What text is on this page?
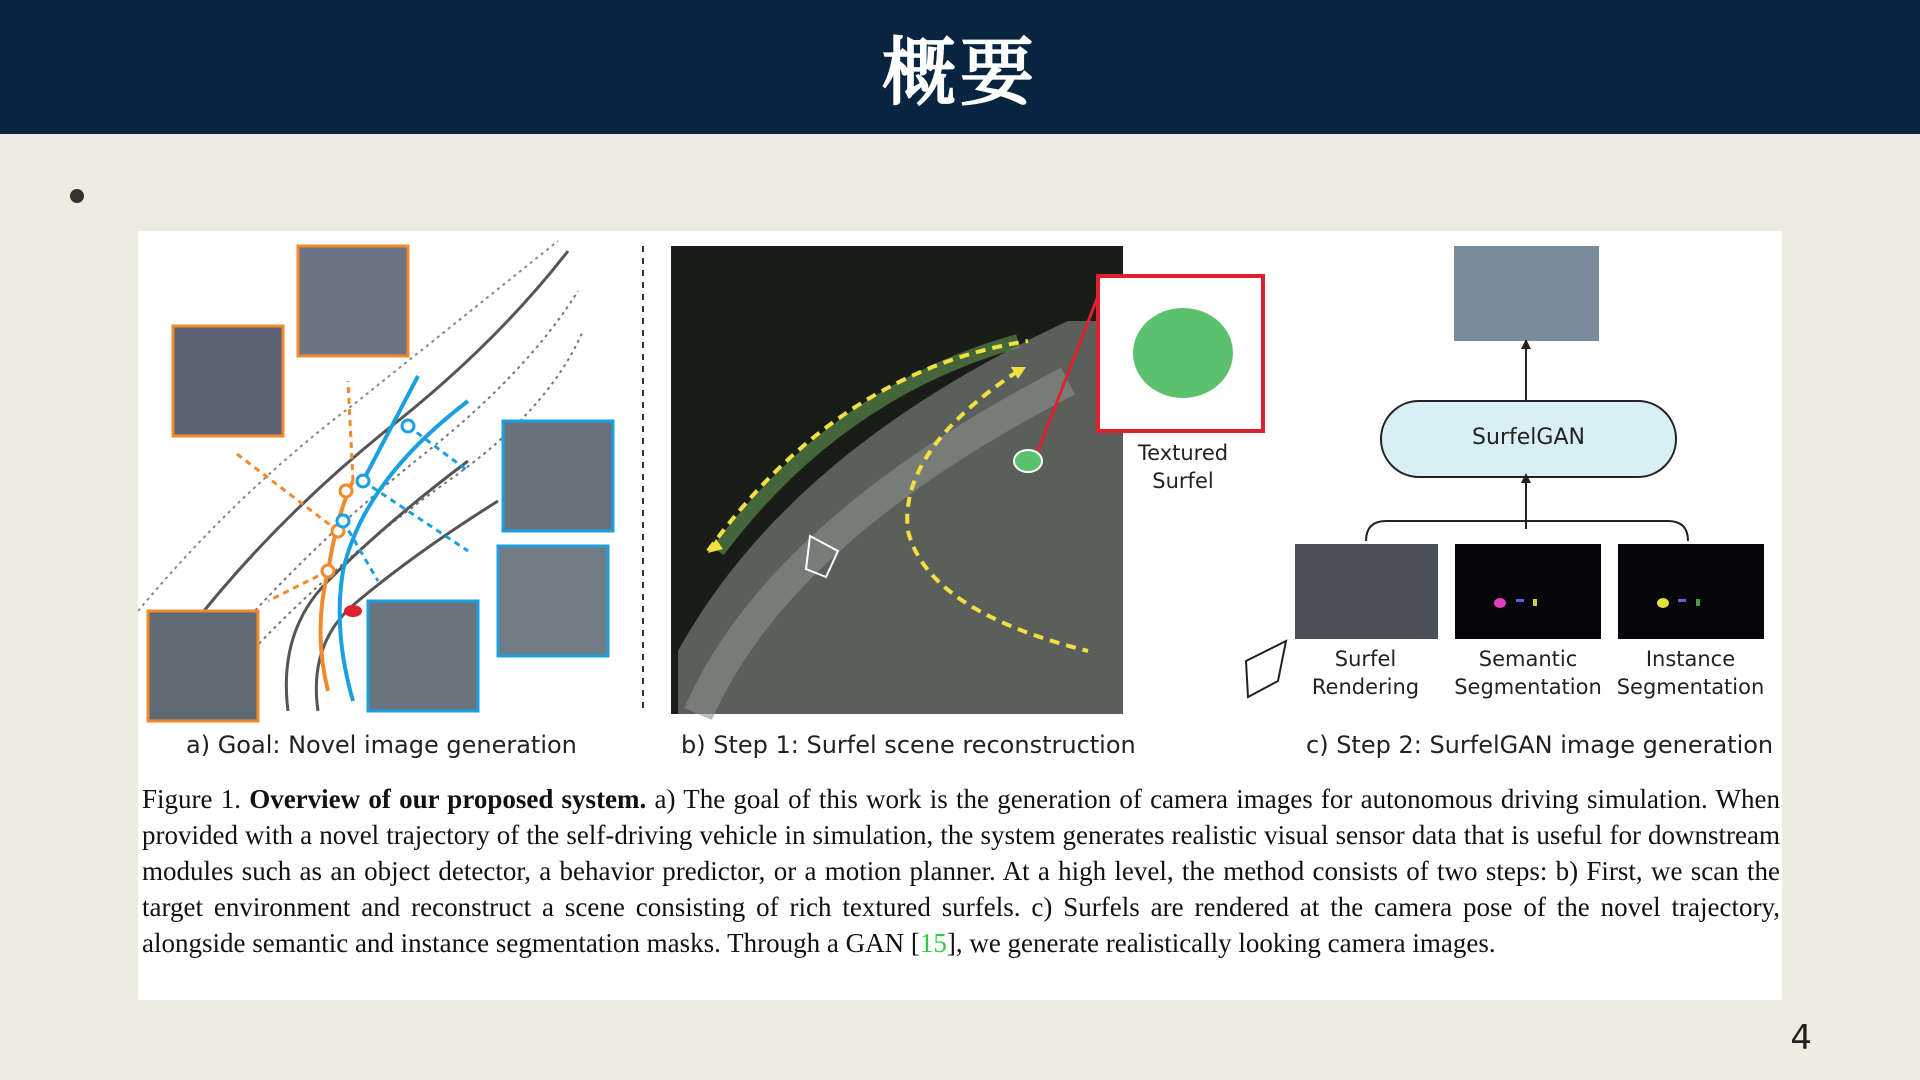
概要
Textured
Surfel
SurfelGAN
Surfel
Rendering
Semantic
Segmentation
Instance
Segmentation
a) Goal: Novel image generation	b) Step 1: Surfel scene reconstruction	c) Step 2: SurfelGAN image generation
Figure 1. Overview of our proposed system. a) The goal of this work is the generation of camera images for autonomous driving simulation. When provided with a novel trajectory of the self-driving vehicle in simulation, the system generates realistic visual sensor data that is useful for downstream modules such as an object detector, a behavior predictor, or a motion planner. At a high level, the method consists of two steps: b) First, we scan the target environment and reconstruct a scene consisting of rich textured surfels. c) Surfels are rendered at the camera pose of the novel trajectory, alongside semantic and instance segmentation masks. Through a GAN [15], we generate realistically looking camera images.
4
